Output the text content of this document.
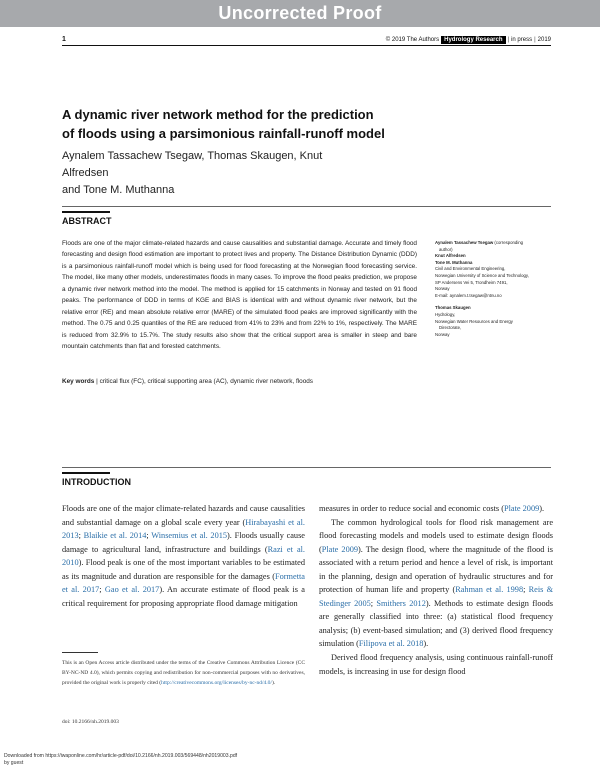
Uncorrected Proof
1	© 2019 The Authors Hydrology Research | in press | 2019
A dynamic river network method for the prediction
of floods using a parsimonious rainfall-runoff model

Aynalem Tassachew Tsegaw, Thomas Skaugen, Knut Alfredsen
and Tone M. Muthanna

ABSTRACT

Floods are one of the major climate-related hazards and cause causalities and substantial damage. Accurate and timely flood forecasting and design flood estimation are important to protect lives and property. The Distance Distribution Dynamic (DDD) is a parsimonious rainfall-runoff model which is being used for flood forecasting at the Norwegian flood forecasting service. The model, like many other models, underestimates floods in many cases. To improve the flood peaks prediction, we propose a dynamic river network method into the model. The method is applied for 15 catchments in Norway and tested on 91 flood peaks. The performance of DDD in terms of KGE and BIAS is identical with and without dynamic river network, but the relative error (RE) and mean absolute relative error (MARE) of the simulated flood peaks are improved significantly with the method. The 0.75 and 0.25 quantiles of the RE are reduced from 41% to 23% and from 22% to 1%, respectively. The MARE is reduced from 32.9% to 15.7%. The study results also show that the critical support area is smaller in steep and bare mountain catchments than flat and forested catchments.

Key words | critical flux (FC), critical supporting area (AC), dynamic river network, floods
Aynalem Tassachew Tsegaw (corresponding
author)
Knut Alfredsen
Tone M. Muthanna
Civil and Environmental Engineering,
Norwegian University of Science and Technology,
SP Andersens Vei 5, Trondheim 7491,
Norway
E-mail: aynalem.t.tsegaw@ntnu.no
Thomas Skaugen
Hydrology,
Norwegian Water Resources and Energy
Directorate,
Norway
INTRODUCTION

Floods are one of the major climate-related hazards and cause causalities and substantial damage on a global scale every year (Hirabayashi et al. 2013; Blaikie et al. 2014; Winsemius et al. 2015). Floods usually cause damage to agricultural land, infrastructure and buildings (Razi et al. 2010). Flood peak is one of the most important variables to be estimated as its magnitude and duration are responsible for the damages (Formetta et al. 2017; Gao et al. 2017). An accurate estimate of flood peak is a critical requirement for proposing appropriate flood damage mitigation

measures in order to reduce social and economic costs (Plate 2009).

The common hydrological tools for flood risk management are flood forecasting models and models used to estimate design floods (Plate 2009). The design flood, where the magnitude of the flood is associated with a return period and hence a level of risk, is important in the planning, design and operation of hydraulic structures and for protection of human life and property (Rahman et al. 1998; Reis & Stedinger 2005; Smithers 2012). Methods to estimate design floods are generally classified into three: (a) statistical flood frequency analysis; (b) event-based simulation; and (3) derived flood frequency simulation (Filipova et al. 2018).

Derived flood frequency analysis, using continuous rainfall-runoff models, is increasing in use for design flood

This is an Open Access article distributed under the terms of the Creative Commons Attribution Licence (CC BY-NC-ND 4.0), which permits copying and redistribution for non-commercial purposes with no derivatives, provided the original work is properly cited (http://creativecommons.org/licenses/by-nc-nd/4.0/).

doi: 10.2166/nh.2019.003
Downloaded from https://iwaponline.com/hr/article-pdf/doi/10.2166/nh.2019.003/569448/nh2019003.pdf
by guest
